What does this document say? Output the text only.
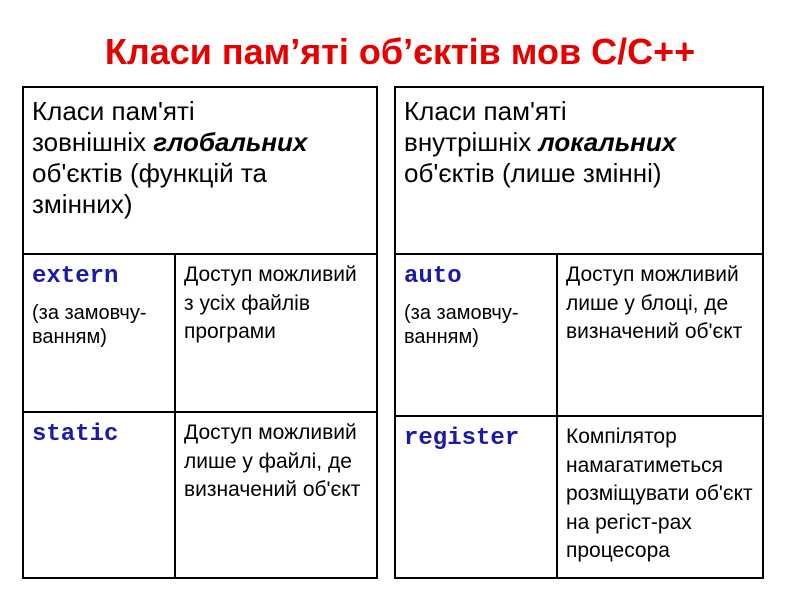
Класи пам’яті об’єктів мов C/C++
Класи пам'яті
зовнішніх глобальних
об'єктів (функцій та
змінних)	

extern
(за замовчу-ванням)	Доступ можливий з усіх файлів програми

static	Доступ можливий лише у файлі, де визначений об'єкт
Класи пам'яті
внутрішніх локальних
об'єктів (лише змінні)	

auto
(за замовчу-ванням)	Доступ можливий лише у блоці, де визначений об'єкт

register	Компілятор намагатиметься розміщувати об'єкт на регіст-рах процесора
